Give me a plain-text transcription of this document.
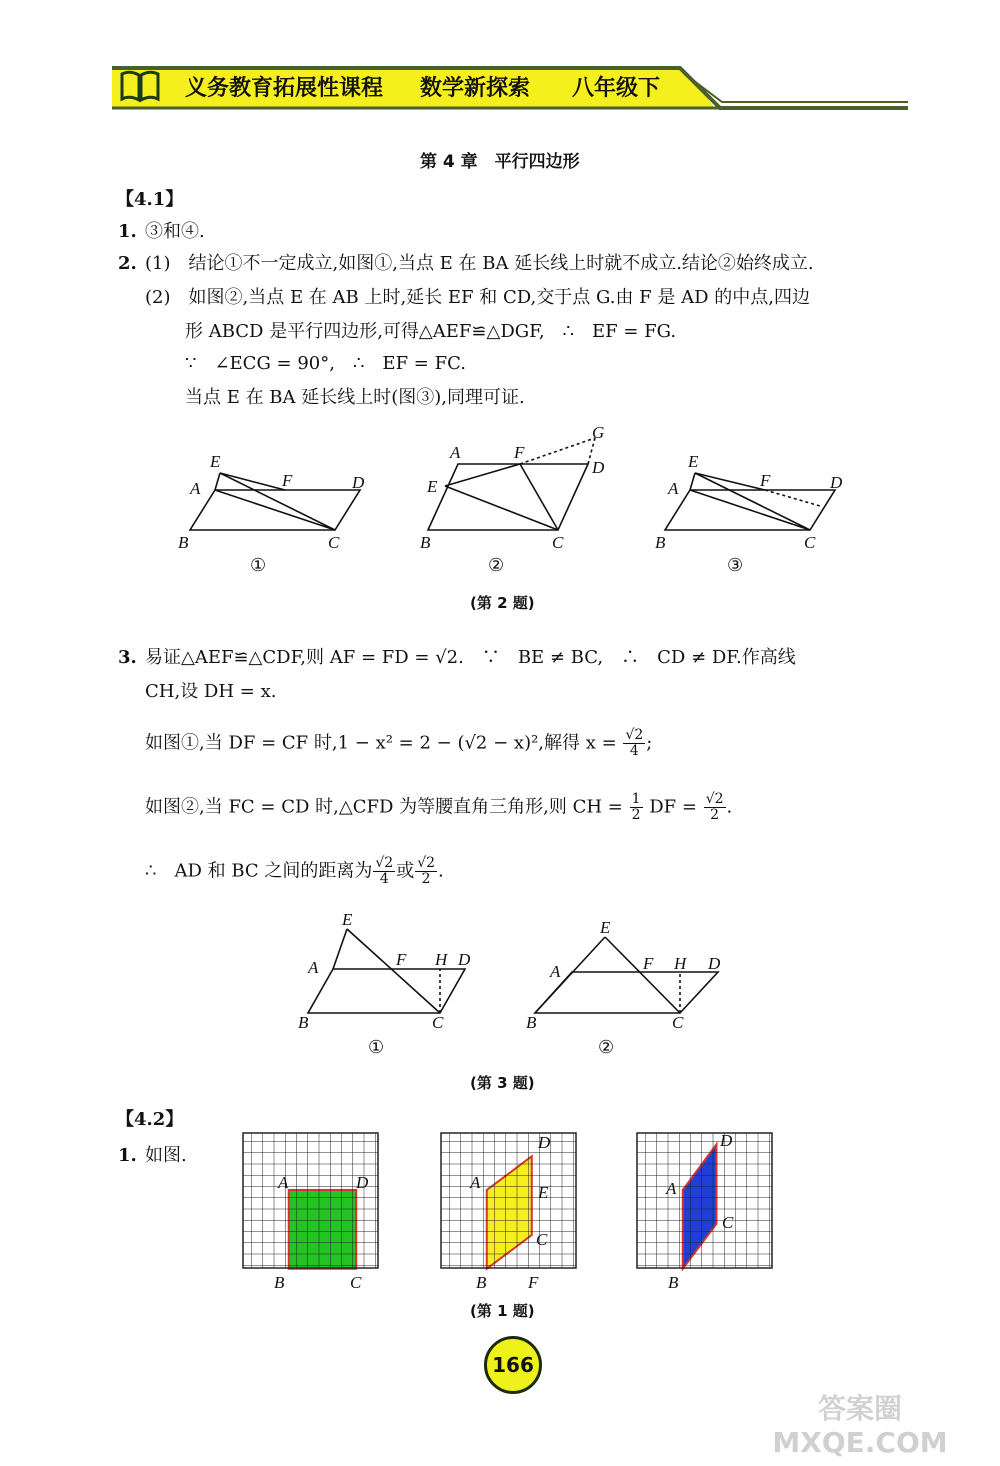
义务教育拓展性课程 数学新探索 八年级下
第 4 章　平行四边形
【4.1】
1. ③和④.
2. (1)　结论①不一定成立,如图①,当点 E 在 BA 延长线上时就不成立.结论②始终成立.
(2)　如图②,当点 E 在 AB 上时,延长 EF 和 CD,交于点 G.由 F 是 AD 的中点,四边
形 ABCD 是平行四边形,可得△AEF≌△DGF,　∴　EF = FG.
∵　∠ECG = 90°,　∴　EF = FC.
当点 E 在 BA 延长线上时(图③),同理可证.
E
A	F	D
B	C
①
A	F
G
D
E
B	C
②
E
A	F	D
B	C
③
(第 2 题)
3. 易证△AEF≌△CDF,则 AF = FD = √2.　∵　BE ≠ BC,　∴　CD ≠ DF.作高线
CH,设 DH = x.
如图①,当 DF = CF 时,1 − x² = 2 − (√2 − x)²,解得 $x = \frac{√2}{4}$ ;
如图②,当 FC = CD 时,△CFD 为等腰直角三角形,则 CH = $\frac{1}{2}$ DF = $\frac{√2}{2}$ .
∴　AD 和 BC 之间的距离为 $\frac{√2}{4}$ 或 $\frac{√2}{2}$ .
E
A	F H D
B	C
①
E
A	F H D
B	C
②
(第 3 题)
【4.2】
1. 如图.
A	D
B	C
D
A
E
C
B F
D
A
C
B
(第 1 题)
166
答案圈 MXQE.COM
